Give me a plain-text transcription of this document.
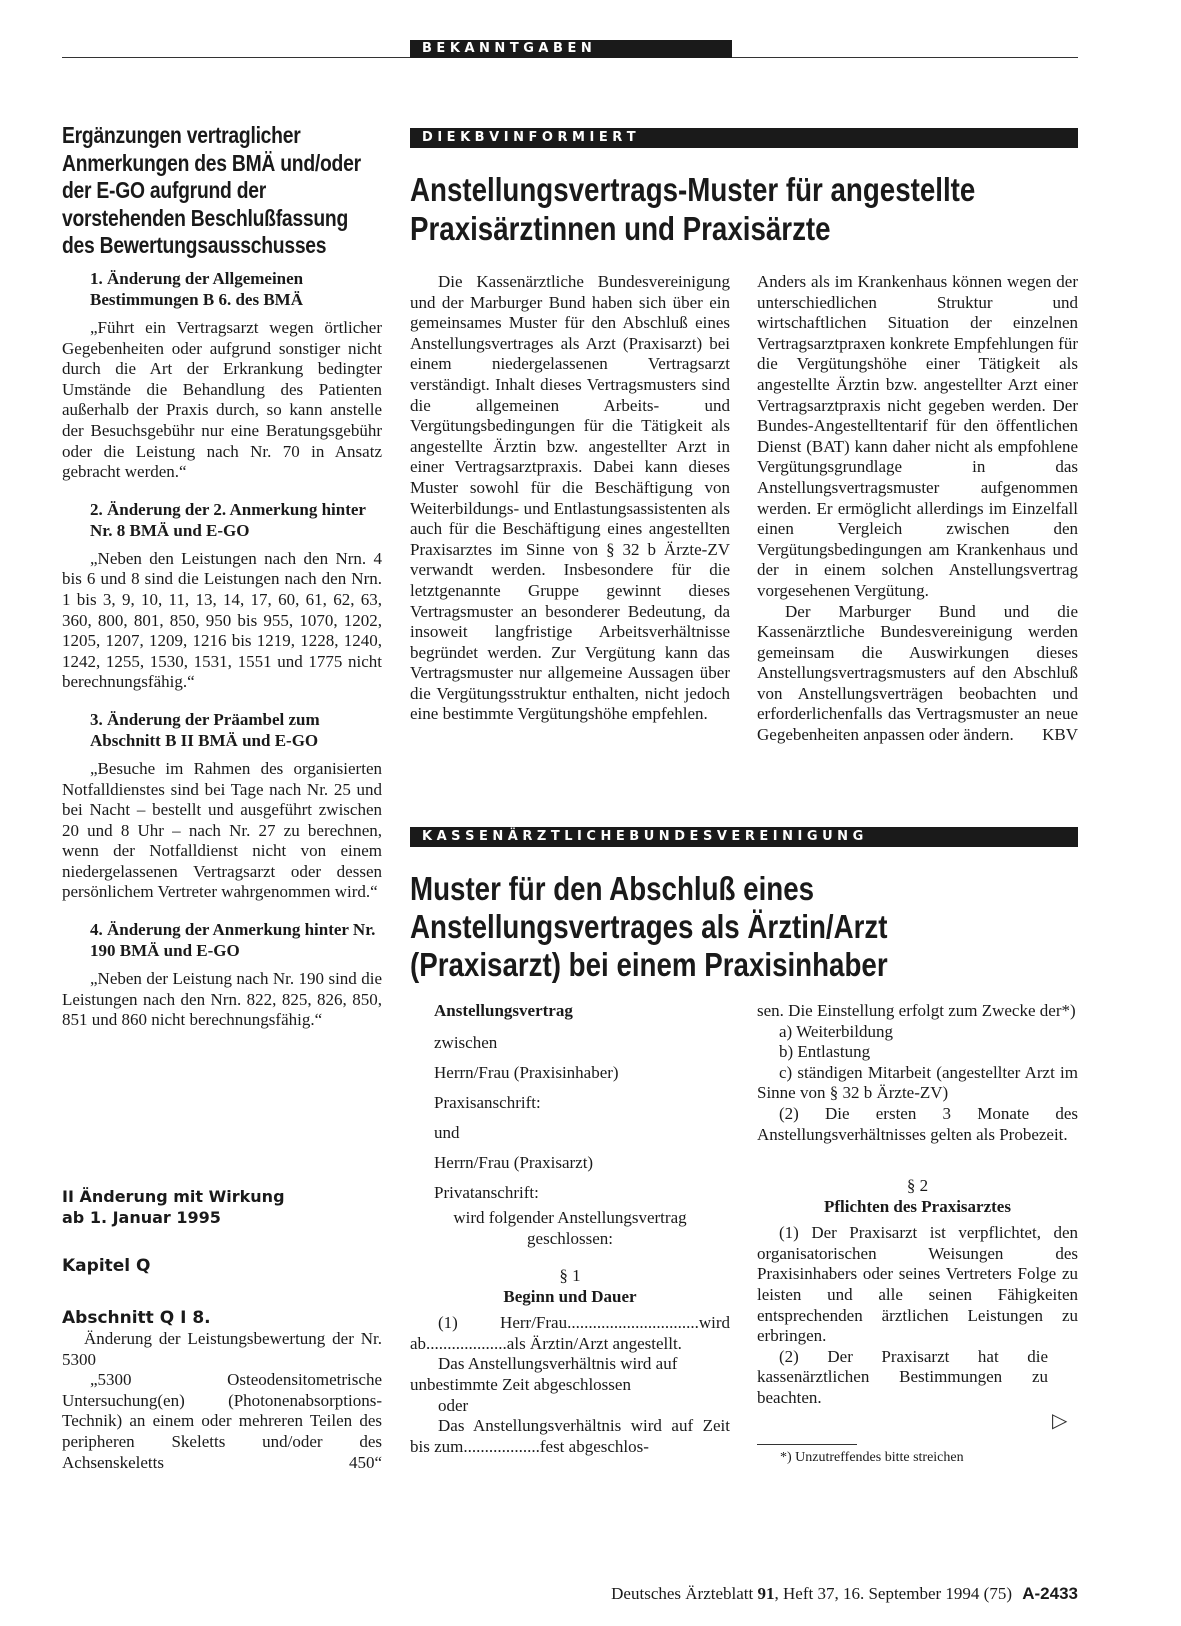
B E K A N N T G A B E N
Ergänzungen vertraglicher Anmerkungen des BMÄ und/oder der E-GO aufgrund der vorstehenden Beschlußfassung des Bewertungsausschusses
1. Änderung der Allgemeinen Bestimmungen B 6. des BMÄ
„Führt ein Vertragsarzt wegen örtlicher Gegebenheiten oder aufgrund sonstiger nicht durch die Art der Erkrankung bedingter Umstände die Behandlung des Patienten außerhalb der Praxis durch, so kann anstelle der Besuchsgebühr nur eine Beratungsgebühr oder die Leistung nach Nr. 70 in Ansatz gebracht werden.“
2. Änderung der 2. Anmerkung hinter Nr. 8 BMÄ und E-GO
„Neben den Leistungen nach den Nrn. 4 bis 6 und 8 sind die Leistungen nach den Nrn. 1 bis 3, 9, 10, 11, 13, 14, 17, 60, 61, 62, 63, 360, 800, 801, 850, 950 bis 955, 1070, 1202, 1205, 1207, 1209, 1216 bis 1219, 1228, 1240, 1242, 1255, 1530, 1531, 1551 und 1775 nicht berechnungsfähig.“
3. Änderung der Präambel zum Abschnitt B II BMÄ und E-GO
„Besuche im Rahmen des organisierten Notfalldienstes sind bei Tage nach Nr. 25 und bei Nacht – bestellt und ausgeführt zwischen 20 und 8 Uhr – nach Nr. 27 zu berechnen, wenn der Notfalldienst nicht von einem niedergelassenen Vertragsarzt oder dessen persönlichem Vertreter wahrgenommen wird.“
4. Änderung der Anmerkung hinter Nr. 190 BMÄ und E-GO
„Neben der Leistung nach Nr. 190 sind die Leistungen nach den Nrn. 822, 825, 826, 850, 851 und 860 nicht berechnungsfähig.“
II Änderung mit Wirkung
ab 1. Januar 1995
Kapitel Q
Abschnitt Q I 8.
Änderung der Leistungsbewertung der Nr. 5300
„5300 Osteodensitometrische Untersuchung(en) (Photonenabsorptions-Technik) an einem oder mehreren Teilen des peripheren Skeletts und/oder des Achsenskeletts	450“
D I E K B V I N F O R M I E R T
Anstellungsvertrags-Muster für angestellte Praxisärztinnen und Praxisärzte

Die Kassenärztliche Bundesvereinigung und der Marburger Bund haben sich über ein gemeinsames Muster für den Abschluß eines Anstellungsvertrages als Arzt (Praxisarzt) bei einem niedergelassenen Vertragsarzt verständigt. Inhalt dieses Vertragsmusters sind die allgemeinen Arbeits- und Vergütungsbedingungen für die Tätigkeit als angestellte Ärztin bzw. angestellter Arzt in einer Vertragsarztpraxis. Dabei kann dieses Muster sowohl für die Beschäftigung von Weiterbildungs- und Entlastungsassistenten als auch für die Beschäftigung eines angestellten Praxisarztes im Sinne von § 32 b Ärzte-ZV verwandt werden. Insbesondere für die letztgenannte Gruppe gewinnt dieses Vertragsmuster an besonderer Bedeutung, da insoweit langfristige Arbeitsverhältnisse begründet werden. Zur Vergütung kann das Vertragsmuster nur allgemeine Aussagen über die Vergütungsstruktur enthalten, nicht jedoch eine bestimmte Vergütungshöhe empfehlen.

Anders als im Krankenhaus können wegen der unterschiedlichen Struktur und wirtschaftlichen Situation der einzelnen Vertragsarztpraxen konkrete Empfehlungen für die Vergütungshöhe einer Tätigkeit als angestellte Ärztin bzw. angestellter Arzt einer Vertragsarztpraxis nicht gegeben werden. Der Bundes-Angestelltentarif für den öffentlichen Dienst (BAT) kann daher nicht als empfohlene Vergütungsgrundlage in das Anstellungsvertragsmuster aufgenommen werden. Er ermöglicht allerdings im Einzelfall einen Vergleich zwischen den Vergütungsbedingungen am Krankenhaus und der in einem solchen Anstellungsvertrag vorgesehenen Vergütung.

Der Marburger Bund und die Kassenärztliche Bundesvereinigung werden gemeinsam die Auswirkungen dieses Anstellungsvertragsmusters auf den Abschluß von Anstellungsverträgen beobachten und erforderlichenfalls das Vertragsmuster an neue Gegebenheiten anpassen oder ändern.	KBV

K A S S E N Ä R Z T L I C H E B U N D E S V E R E I N I G U N G
Muster für den Abschluß eines
Anstellungsvertrages als Ärztin/Arzt
(Praxisarzt) bei einem Praxisinhaber
Anstellungsvertrag
zwischen
Herrn/Frau (Praxisinhaber)
Praxisanschrift:
und
Herrn/Frau (Praxisarzt)
Privatanschrift:
wird folgender Anstellungsvertrag geschlossen:
§ 1
Beginn und Dauer
(1) Herr/Frau...............................wird ab...................als Ärztin/Arzt angestellt.
Das Anstellungsverhältnis wird auf unbestimmte Zeit abgeschlossen
oder
Das Anstellungsverhältnis wird auf Zeit bis zum..................fest abgeschlos-
sen. Die Einstellung erfolgt zum Zwecke der*)
a) Weiterbildung
b) Entlastung
c) ständigen Mitarbeit (angestellter Arzt im Sinne von § 32 b Ärzte-ZV)
(2) Die ersten 3 Monate des Anstellungsverhältnisses gelten als Probezeit.
§ 2
Pflichten des Praxisarztes
(1) Der Praxisarzt ist verpflichtet, den organisatorischen Weisungen des Praxisinhabers oder seines Vertreters Folge zu leisten und alle seinen Fähigkeiten entsprechenden ärztlichen Leistungen zu erbringen.
(2) Der Praxisarzt hat die kassenärztlichen Bestimmungen zu beachten.
▷
*) Unzutreffendes bitte streichen
Deutsches Ärzteblatt 91, Heft 37, 16. September 1994 (75) A-2433
